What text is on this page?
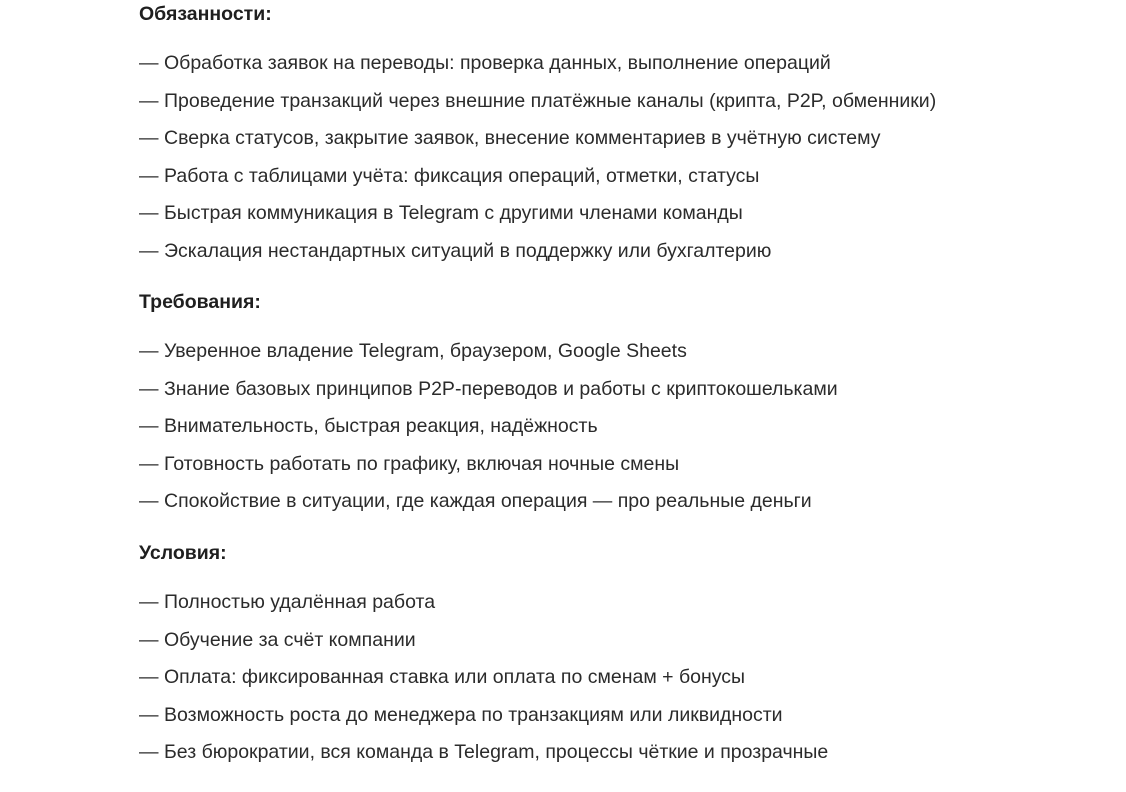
Обязанности:
— Обработка заявок на переводы: проверка данных, выполнение операций
— Проведение транзакций через внешние платёжные каналы (крипта, P2P, обменники)
— Сверка статусов, закрытие заявок, внесение комментариев в учётную систему
— Работа с таблицами учёта: фиксация операций, отметки, статусы
— Быстрая коммуникация в Telegram с другими членами команды
— Эскалация нестандартных ситуаций в поддержку или бухгалтерию
Требования:
— Уверенное владение Telegram, браузером, Google Sheets
— Знание базовых принципов P2P-переводов и работы с криптокошельками
— Внимательность, быстрая реакция, надёжность
— Готовность работать по графику, включая ночные смены
— Спокойствие в ситуации, где каждая операция — про реальные деньги
Условия:
— Полностью удалённая работа
— Обучение за счёт компании
— Оплата: фиксированная ставка или оплата по сменам + бонусы
— Возможность роста до менеджера по транзакциям или ликвидности
— Без бюрократии, вся команда в Telegram, процессы чёткие и прозрачные
